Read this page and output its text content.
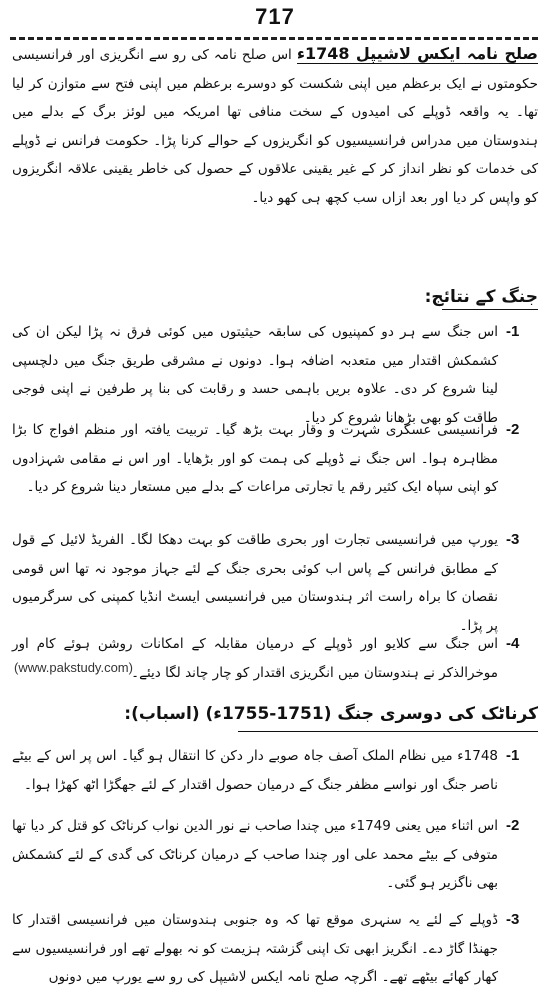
717
صلح نامہ ایکس لاشیپل 1748ء اس صلح نامہ کی رو سے انگریزی اور فرانسیسی حکومتوں نے ایک برعظم میں اپنی شکست کو دوسرے برعظم میں اپنی فتح سے متوازن کر لیا تھا۔ یہ واقعہ ڈوپلے کی امیدوں کے سخت منافی تھا امریکہ میں لوئز برگ کے بدلے میں ہندوستان میں مدراس فرانسیسیوں کو انگریزوں کے حوالے کرنا پڑا۔ حکومت فرانس نے ڈوپلے کی خدمات کو نظر انداز کر کے غیر یقینی علاقوں کے حصول کی خاطر یقینی علاقہ انگریزوں کو واپس کر دیا اور بعد ازاں سب کچھ ہی کھو دیا۔
جنگ کے نتائج:
-1
اس جنگ سے ہر دو کمپنیوں کی سابقہ حیثیتوں میں کوئی فرق نہ پڑا لیکن ان کی کشمکش اقتدار میں متعدبہ اضافہ ہوا۔ دونوں نے مشرقی طریق جنگ میں دلچسپی لینا شروع کر دی۔ علاوہ بریں باہمی حسد و رقابت کی بنا پر طرفین نے اپنی فوجی طاقت کو بھی بڑھانا شروع کر دیا۔
-2
فرانسیسی عسکری شہرت و وقار بہت بڑھ گیا۔ تربیت یافتہ اور منظم افواج کا بڑا مظاہرہ ہوا۔ اس جنگ نے ڈوپلے کی ہمت کو اور بڑھایا۔ اور اس نے مقامی شہزادوں کو اپنی سپاہ ایک کثیر رقم یا تجارتی مراعات کے بدلے میں مستعار دینا شروع کر دیا۔
-3
یورپ میں فرانسیسی تجارت اور بحری طاقت کو بہت دھکا لگا۔ الفریڈ لائیل کے قول کے مطابق فرانس کے پاس اب کوئی بحری جنگ کے لئے جہاز موجود نہ تھا اس قومی نقصان کا براہ راست اثر ہندوستان میں فرانسیسی ایسٹ انڈیا کمپنی کی سرگرمیوں پر پڑا۔
-4
اس جنگ سے کلایو اور ڈوپلے کے درمیان مقابلہ کے امکانات روشن ہوئے کام اور موخرالذکر نے ہندوستان میں انگریزی اقتدار کو چار چاند لگا دیئے۔
(www.pakstudy.com)
کرناٹک کی دوسری جنگ (1751-1755ء) (اسباب):
-1
1748ء میں نظام الملک آصف جاہ صوبے دار دکن کا انتقال ہو گیا۔ اس پر اس کے بیٹے ناصر جنگ اور نواسے مظفر جنگ کے درمیان حصول اقتدار کے لئے جھگڑا اٹھ کھڑا ہوا۔
-2
اس اثناء میں یعنی 1749ء میں چندا صاحب نے نور الدین نواب کرناٹک کو قتل کر دیا تھا متوفی کے بیٹے محمد علی اور چندا صاحب کے درمیان کرناٹک کی گدی کے لئے کشمکش بھی ناگزیر ہو گئی۔
-3
ڈوپلے کے لئے یہ سنہری موقع تھا کہ وہ جنوبی ہندوستان میں فرانسیسی اقتدار کا جھنڈا گاڑ دے۔ انگریز ابھی تک اپنی گزشتہ ہزیمت کو نہ بھولے تھے اور فرانسیسیوں سے کھار کھائے بیٹھے تھے۔ اگرچہ صلح نامہ ایکس لاشیپل کی رو سے یورپ میں دونوں
